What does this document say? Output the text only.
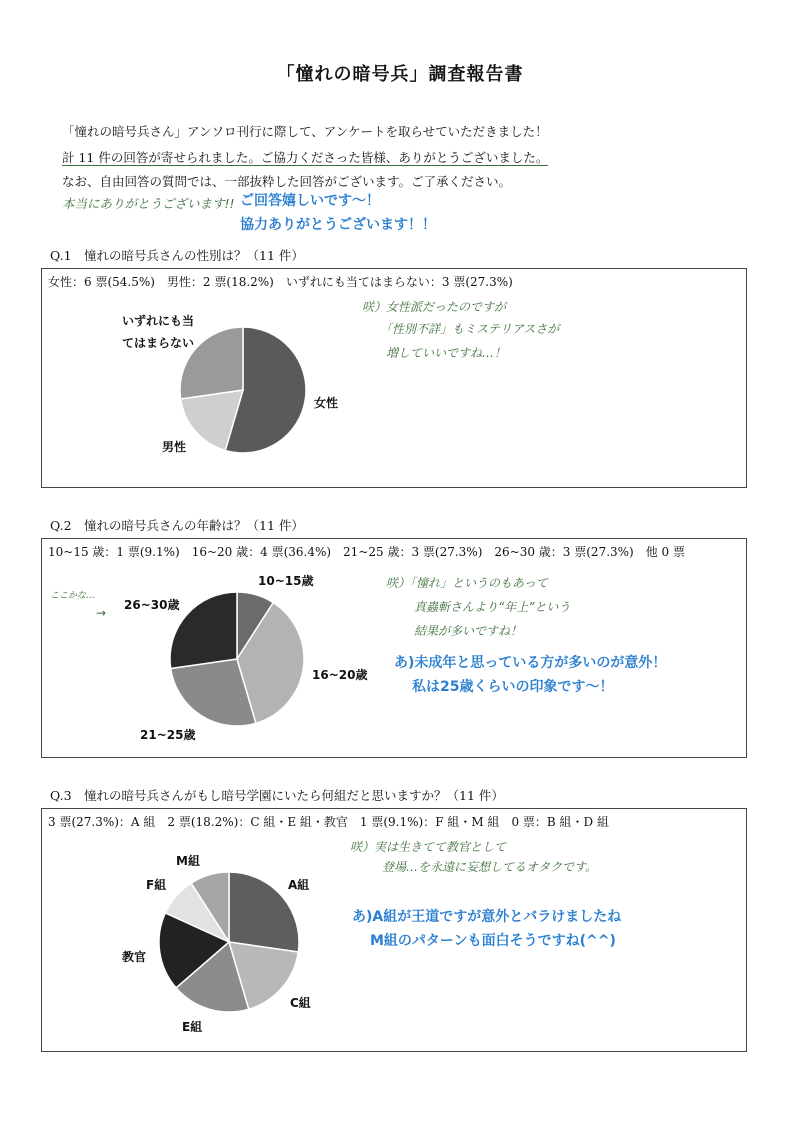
「憧れの暗号兵」調査報告書
「憧れの暗号兵さん」アンソロ刊行に際して、アンケートを取らせていただきました！
計 11 件の回答が寄せられました。ご協力くださった皆様、ありがとうございました。
なお、自由回答の質問では、一部抜粋した回答がございます。ご了承ください。
本当にありがとうございます!! ご回答嬉しいです〜！
協力ありがとうございます！！
Q.1　憧れの暗号兵さんの性別は？（11 件）
女性：6 票(54.5%)　男性：2 票(18.2%)　いずれにも当てはまらない：3 票(27.3%)
女性
男性
いずれにも当てはまらない
咲）女性派だったのですが
「性別不詳」もミステリアスさが
増していいですね…！
Q.2　憧れの暗号兵さんの年齢は？（11 件）
10~15 歳：1 票(9.1%)　16~20 歳：4 票(36.4%)　21~25 歳：3 票(27.3%)　26~30 歳：3 票(27.3%)　他 0 票
10~15歳
16~20歳
21~25歳
26~30歳
ここかな…
→
咲）「憧れ」というのもあって
真蟲斬さんより“年上”という
結果が多いですね！
あ)未成年と思っている方が多いのが意外！
私は25歳くらいの印象です〜！
Q.3　憧れの暗号兵さんがもし暗号学園にいたら何組だと思いますか？（11 件）
3 票(27.3%)：A 組　2 票(18.2%)：C 組・E 組・教官　1 票(9.1%)：F 組・M 組　0 票：B 組・D 組
A組
C組
E組
教官
F組
M組
咲）実は生きてて教官として
登場…を永遠に妄想してるオタクです。
あ)A組が王道ですが意外とバラけましたね
M組のパターンも面白そうですね(^^)
